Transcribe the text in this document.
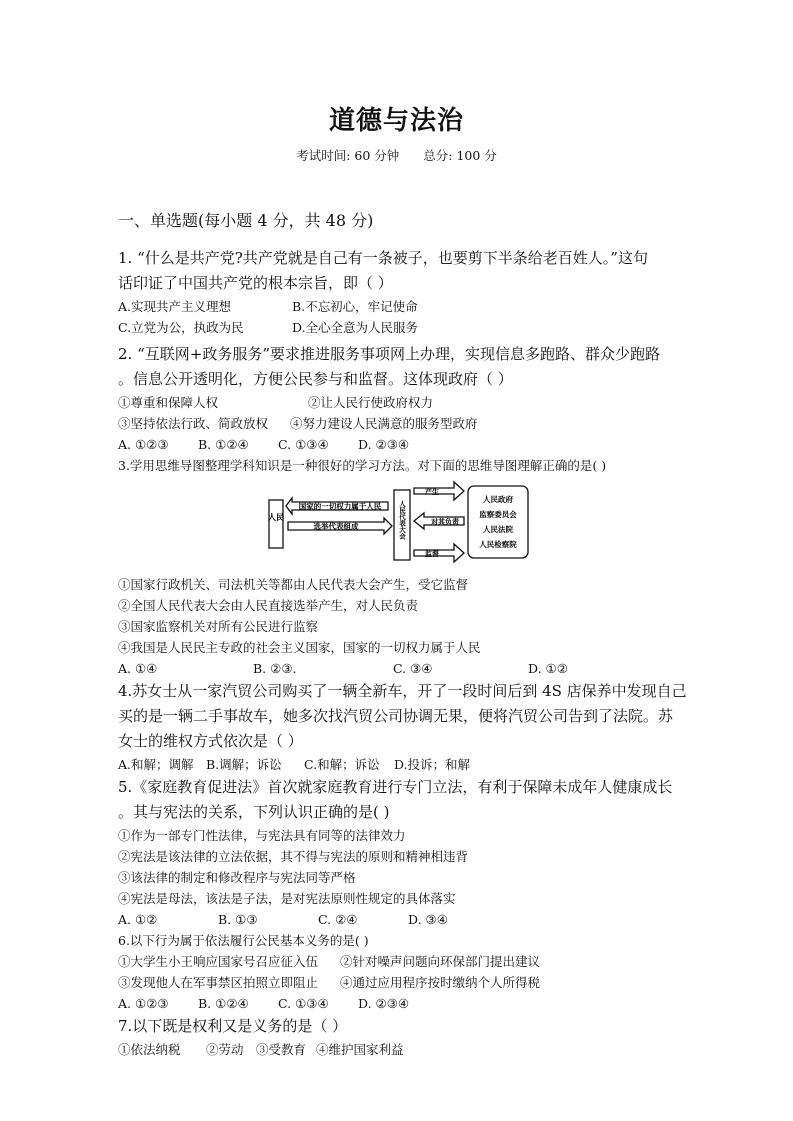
道德与法治
考试时间: 60 分钟 总分: 100 分
一、单选题(每小题 4 分，共 48 分)

1. “什么是共产党?共产党就是自己有一条被子，也要剪下半条给老百姓人。”这句

话印证了中国共产党的根本宗旨，即（ ）

A.实现共产主义理想	B.不忘初心，牢记使命
C.立党为公，执政为民	D.全心全意为人民服务

2. “互联网+政务服务”要求推进服务事项网上办理，实现信息多跑路、群众少跑路

。信息公开透明化，方便公民参与和监督。这体现政府（ ）

①尊重和保障人权	②让人民行使政府权力
③坚持依法行政、简政放权	④努力建设人民满意的服务型政府
A. ①②③	B. ①②④	C. ①③④	D. ②③④

3.学用思维导图整理学科知识是一种很好的学习方法。对下面的思维导图理解正确的是( )

人民
国家的一切权力属于人民
选举代表组成	人民代表大会
产生
对其负责
监督
人民政府
监察委员会
人民法院
人民检察院

①国家行政机关、司法机关等都由人民代表大会产生，受它监督

②全国人民代表大会由人民直接选举产生，对人民负责

③国家监察机关对所有公民进行监察

④我国是人民民主专政的社会主义国家，国家的一切权力属于人民

A. ①④	B. ②③.	C. ③④	D. ①②

4.苏女士从一家汽贸公司购买了一辆全新车，开了一段时间后到 4S 店保养中发现自己

买的是一辆二手事故车，她多次找汽贸公司协调无果，便将汽贸公司告到了法院。苏

女士的维权方式依次是（ ）

A.和解；调解 B.调解；诉讼	C.和解；诉讼	D.投诉；和解

5.《家庭教育促进法》首次就家庭教育进行专门立法，有利于保障未成年人健康成长

。其与宪法的关系，下列认识正确的是( )

①作为一部专门性法律，与宪法具有同等的法律效力

②宪法是该法律的立法依据，其不得与宪法的原则和精神相违背

③该法律的制定和修改程序与宪法同等严格

④宪法是母法，该法是子法，是对宪法原则性规定的具体落实

A. ①②	B. ①③	C. ②④	D. ③④

6.以下行为属于依法履行公民基本义务的是( )

①大学生小王响应国家号召应征入伍	②针对噪声问题向环保部门提出建议
③发现他人在军事禁区拍照立即阻止	④通过应用程序按时缴纳个人所得税
A. ①②③	B. ①②④	C. ①③④	D. ②③④

7.以下既是权利又是义务的是（ ）

①依法纳税	②劳动 ③受教育 ④维护国家利益
